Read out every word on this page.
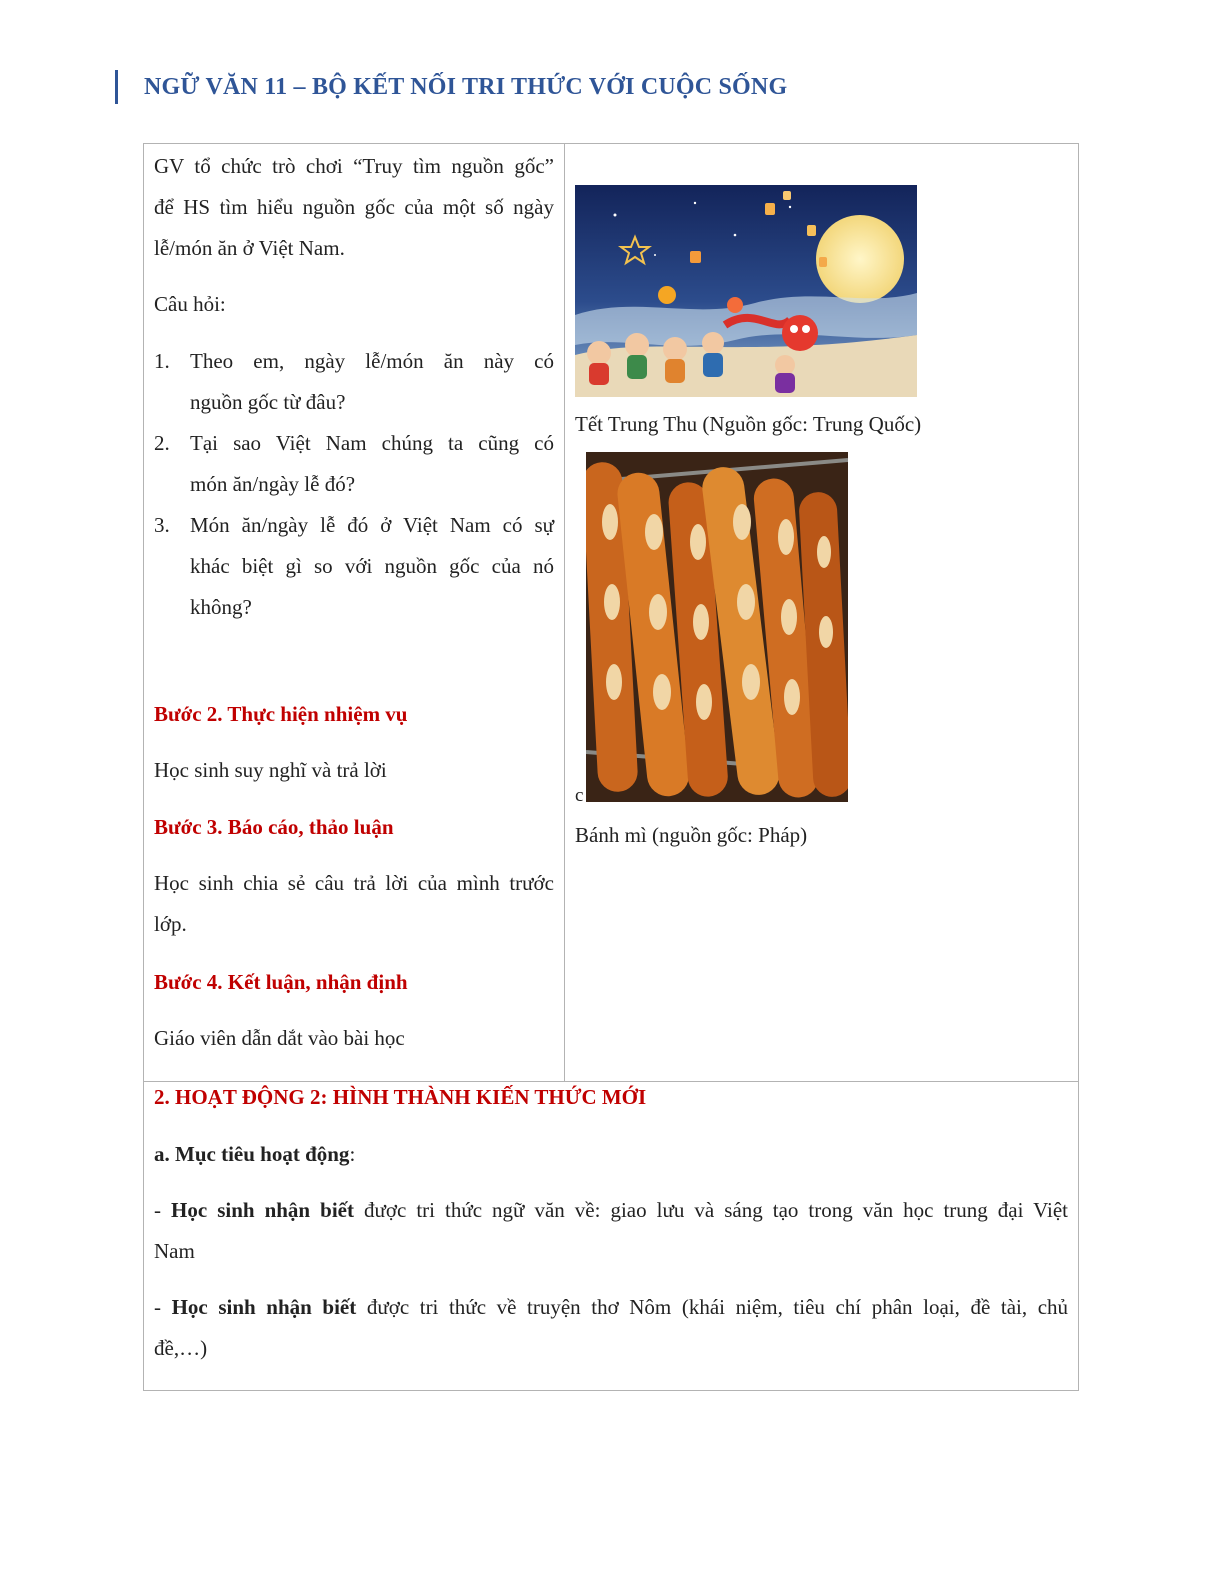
NGỮ VĂN 11 – BỘ KẾT NỐI TRI THỨC VỚI CUỘC SỐNG
GV tổ chức trò chơi “Truy tìm nguồn gốc”
để HS tìm hiểu nguồn gốc của một số ngày
lễ/món ăn ở Việt Nam.
Câu hỏi:
1. Theo em, ngày lễ/món ăn này có
nguồn gốc từ đâu?
2. Tại sao Việt Nam chúng ta cũng có
món ăn/ngày lễ đó?
3. Món ăn/ngày lễ đó ở Việt Nam có sự
khác biệt gì so với nguồn gốc của nó
không?
Bước 2. Thực hiện nhiệm vụ
Học sinh suy nghĩ và trả lời
Bước 3. Báo cáo, thảo luận
Học sinh chia sẻ câu trả lời của mình trước
lớp.
Bước 4. Kết luận, nhận định
Giáo viên dẫn dắt vào bài học
Tết Trung Thu (Nguồn gốc: Trung Quốc)
c
Bánh mì (nguồn gốc: Pháp)
2. HOẠT ĐỘNG 2: HÌNH THÀNH KIẾN THỨC MỚI
a. Mục tiêu hoạt động:
- Học sinh nhận biết được tri thức ngữ văn về: giao lưu và sáng tạo trong văn học trung đại Việt
Nam
- Học sinh nhận biết được tri thức về truyện thơ Nôm (khái niệm, tiêu chí phân loại, đề tài, chủ
đề,…)
